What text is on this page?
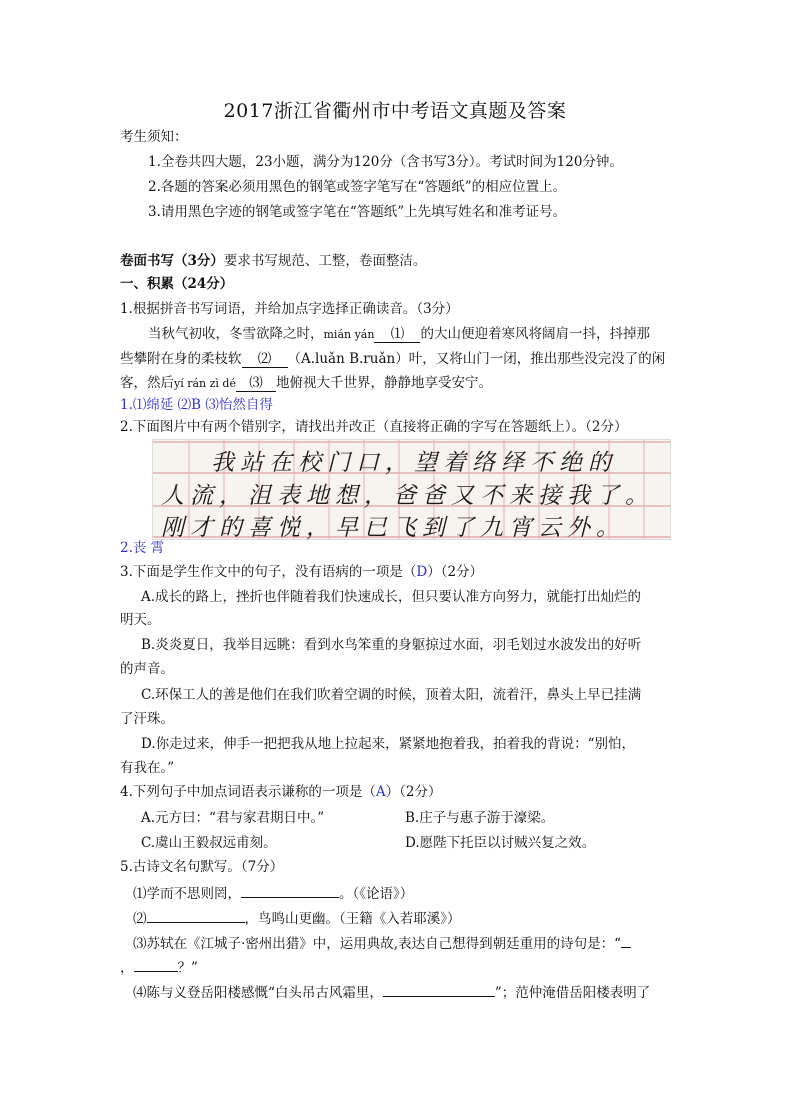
2017浙江省衢州市中考语文真题及答案
考生须知：
1.全卷共四大题，23小题，满分为120分（含书写3分）。考试时间为120分钟。
2.各题的答案必须用黑色的钢笔或签字笔写在“答题纸”的相应位置上。
3.请用黑色字迹的钢笔或签字笔在“答题纸”上先填写姓名和准考证号。
卷面书写（3分）要求书写规范、工整，卷面整洁。
一、积累（24分）
1.根据拼音书写词语，并给加点字选择正确读音。（3分）
当秋气初收，冬雪欲降之时，mián yán ⑴ 的大山便迎着寒风将阔肩一抖，抖掉那
些攀附在身的柔枝软 ⑵ （A.luǎn B.ruǎn）叶，又将山门一闭，推出那些没完没了的闲
客，然后yí rán zì dé ⑶ 地俯视大千世界，静静地享受安宁。
1.⑴绵延 ⑵B ⑶怡然自得
2.下面图片中有两个错别字，请找出并改正（直接将正确的字写在答题纸上）。（2分）
我站在校门口，望着络绎不绝的
人流，沮表地想，爸爸又不来接我了。
刚才的喜悦，早已飞到了九宵云外。
2.丧 霄
3.下面是学生作文中的句子，没有语病的一项是（D）（2分）
A.成长的路上，挫折也伴随着我们快速成长，但只要认准方向努力，就能打出灿烂的
明天。
B.炎炎夏日，我举目远眺：看到水鸟笨重的身躯掠过水面，羽毛划过水波发出的好听
的声音。
C.环保工人的善是他们在我们吹着空调的时候，顶着太阳，流着汗，鼻头上早已挂满
了汗珠。
D.你走过来，伸手一把把我从地上拉起来，紧紧地抱着我，拍着我的背说：“别怕，
有我在。”
4.下列句子中加点词语表示谦称的一项是（A）（2分）
A.元方曰：“君与家君期日中。”	B.庄子与惠子游于濠梁。
C.虞山王毅叔远甫刻。	D.愿陛下托臣以讨贼兴复之效。
5.古诗文名句默写。（7分）
⑴学而不思则罔，	。（《论语》）
⑵	，鸟鸣山更幽。（王籍《入若耶溪》）
⑶苏轼在《江城子·密州出猎》中，运用典故,表达自己想得到朝廷重用的诗句是：“
，	？”
⑷陈与义登岳阳楼感慨“白头吊古风霜里，	”；范仲淹借岳阳楼表明了
